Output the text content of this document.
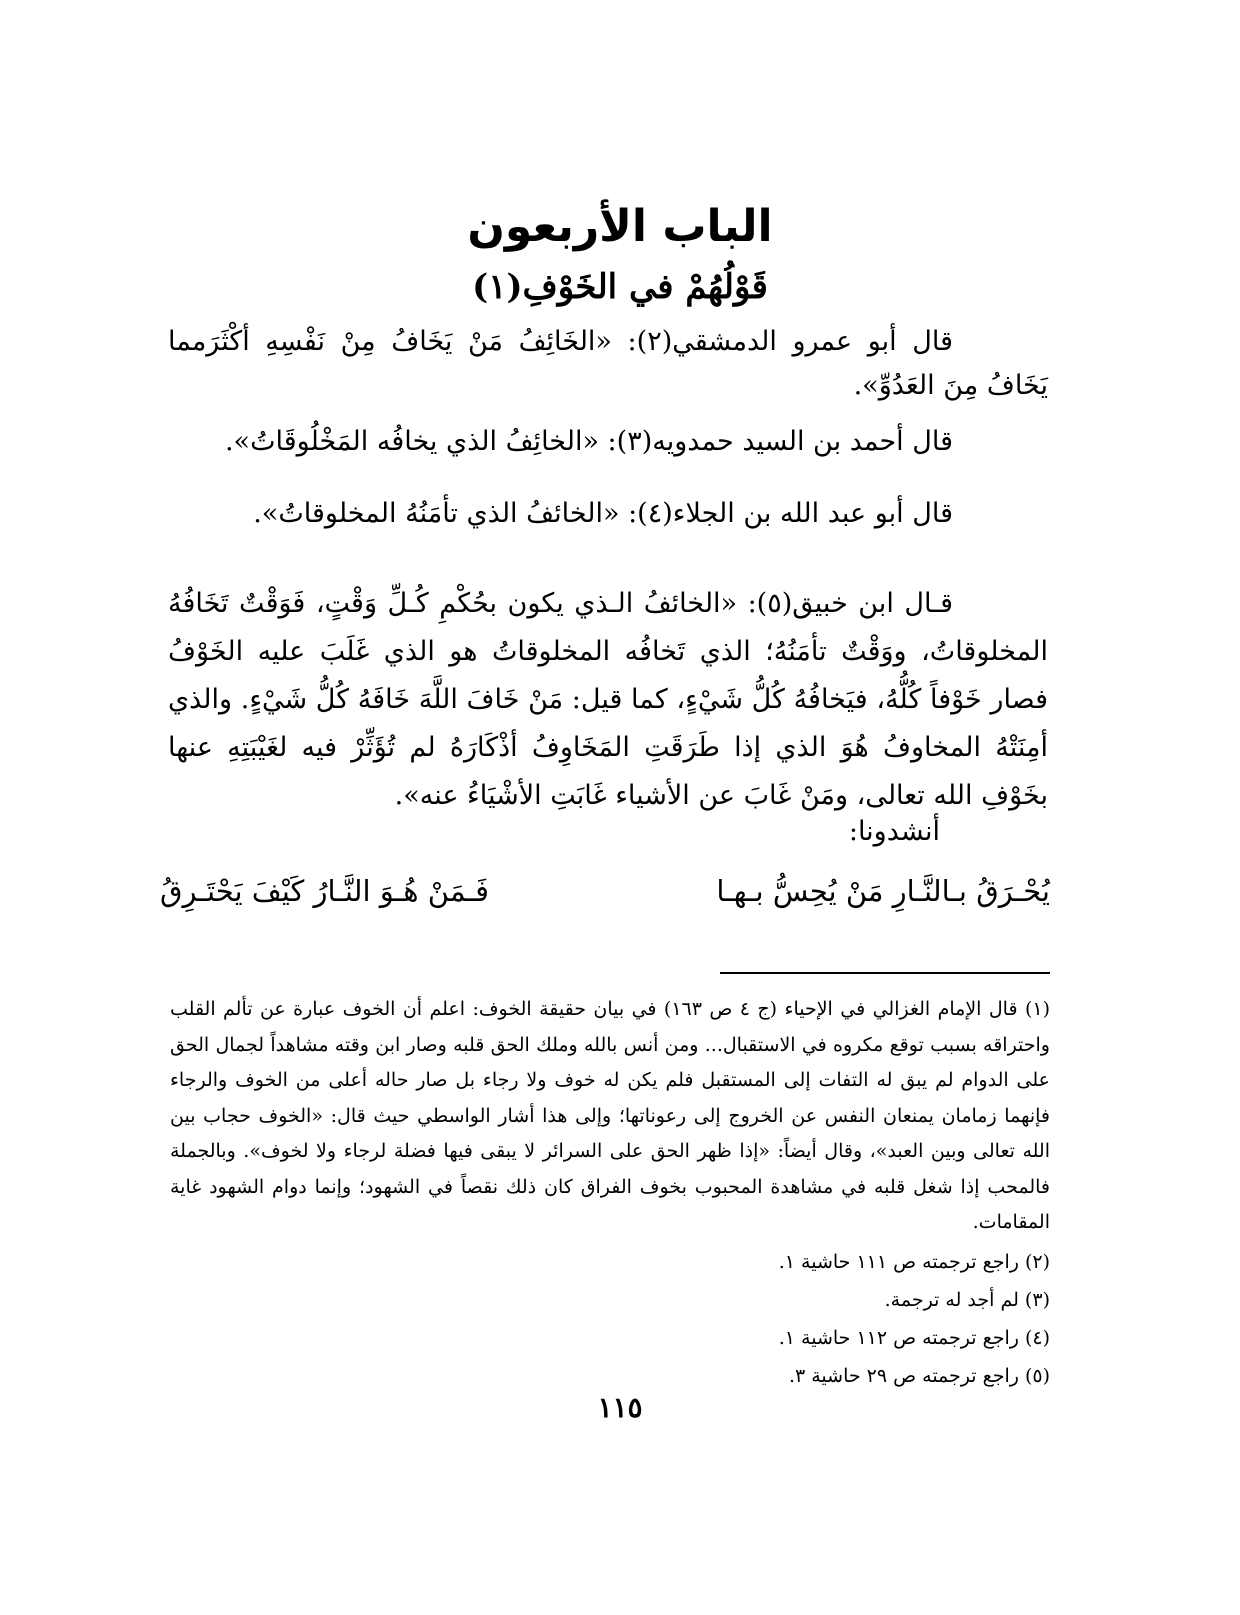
الباب الأربعون
قَوْلُهُمْ في الخَوْفِ(١)

قال أبو عمرو الدمشقي(٢): «الخَائِفُ مَنْ يَخَافُ مِنْ نَفْسِهِ أكْثَرَمما يَخَافُ مِنَ العَدُوِّ».

قال أحمد بن السيد حمدويه(٣): «الخائِفُ الذي يخافُه المَخْلُوقَاتُ».

قال أبو عبد الله بن الجلاء(٤): «الخائفُ الذي تأمَنُهُ المخلوقاتُ».

قـال ابن خبيق(٥): «الخائفُ الـذي يكون بحُكْمِ كُـلِّ وَقْتٍ، فَوَقْتٌ تَخَافُهُ المخلوقاتُ، ووَقْتٌ تأمَنُهُ؛ الذي تَخافُه المخلوقاتُ هو الذي غَلَبَ عليه الخَوْفُ فصار خَوْفاً كُلُّهُ، فيَخافُهُ كُلُّ شَيْءٍ، كما قيل: مَنْ خَافَ اللَّهَ خَافَهُ كُلُّ شَيْءٍ. والذي أمِنَتْهُ المخاوفُ هُوَ الذي إذا طَرَقَتِ المَخَاوِفُ أذْكَارَهُ لم تُؤَثِّرْ فيه لغَيْبَتِهِ عنها بخَوْفِ الله تعالى، ومَنْ غَابَ عن الأشياء غَابَتِ الأشْيَاءُ عنه».

أنشدونا:

يُحْـرَقُ بـالنَّـارِ مَنْ يُحِسُّ بـهـا
فَـمَنْ هُـوَ النَّـارُ كَيْفَ يَحْتَـرِقُ
(١) قال الإمام الغزالي في الإحياء (ج ٤ ص ١٦٣) في بيان حقيقة الخوف: اعلم أن الخوف عبارة عن تألم القلب واحتراقه بسبب توقع مكروه في الاستقبال... ومن أنس بالله وملك الحق قلبه وصار ابن وقته مشاهداً لجمال الحق على الدوام لم يبق له التفات إلى المستقبل فلم يكن له خوف ولا رجاء بل صار حاله أعلى من الخوف والرجاء فإنهما زمامان يمنعان النفس عن الخروج إلى رعوناتها؛ وإلى هذا أشار الواسطي حيث قال: «الخوف حجاب بين الله تعالى وبين العبد»، وقال أيضاً: «إذا ظهر الحق على السرائر لا يبقى فيها فضلة لرجاء ولا لخوف». وبالجملة فالمحب إذا شغل قلبه في مشاهدة المحبوب بخوف الفراق كان ذلك نقصاً في الشهود؛ وإنما دوام الشهود غاية المقامات.
(٢) راجع ترجمته ص ١١١ حاشية ١.
(٣) لم أجد له ترجمة.
(٤) راجع ترجمته ص ١١٢ حاشية ١.
(٥) راجع ترجمته ص ٢٩ حاشية ٣.
١١٥
